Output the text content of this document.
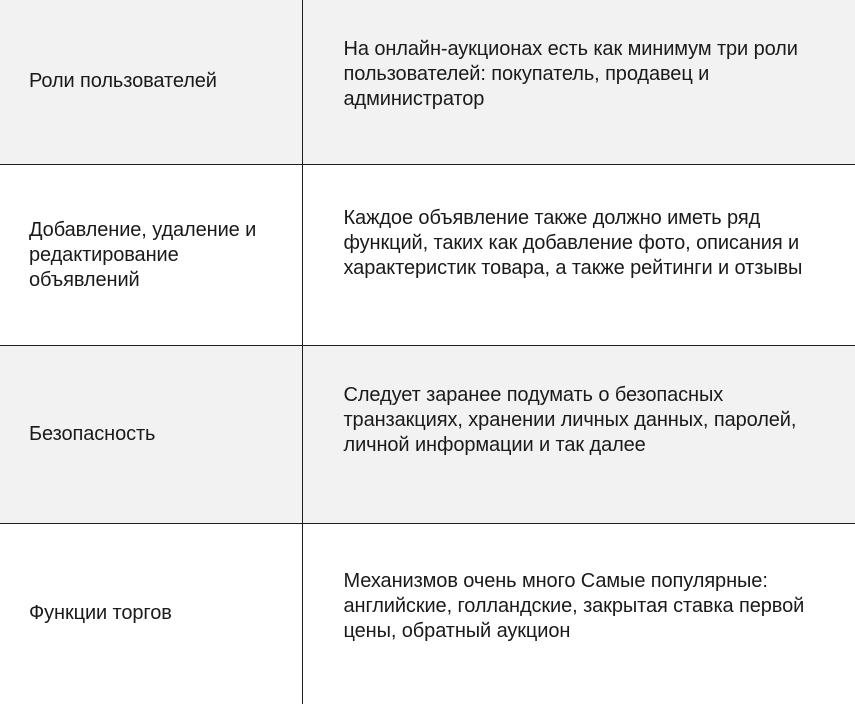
Роли пользователей	На онлайн-аукционах есть как минимум три роли пользователей: покупатель, продавец и администратор
Добавление, удаление и редактирование объявлений	Каждое объявление также должно иметь ряд функций, таких как добавление фото, описания и характеристик товара, а также рейтинги и отзывы
Безопасность	Следует заранее подумать о безопасных транзакциях, хранении личных данных, паролей, личной информации и так далее
Функции торгов	Механизмов очень много Самые популярные: английские, голландские, закрытая ставка первой цены, обратный аукцион
